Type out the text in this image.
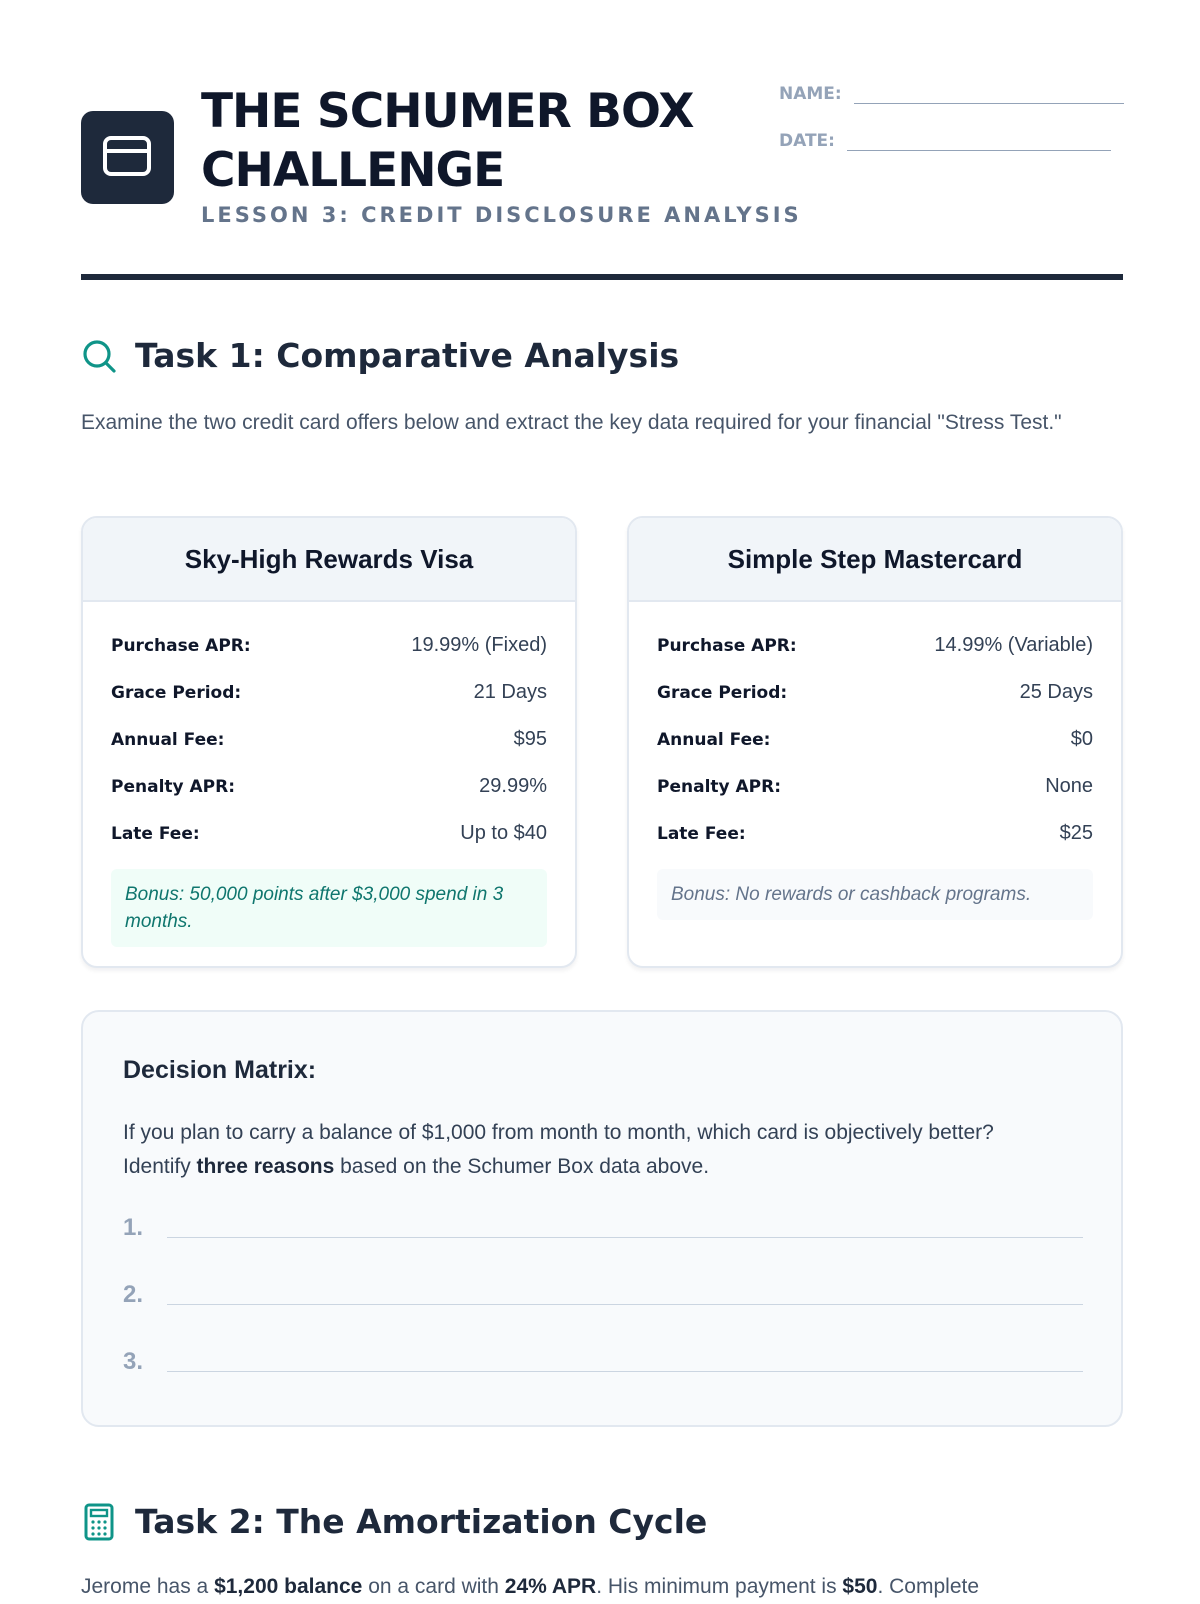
THE SCHUMER BOX CHALLENGE
LESSON 3: CREDIT DISCLOSURE ANALYSIS
NAME:
DATE:
Task 1: Comparative Analysis

Examine the two credit card offers below and extract the key data required for your financial "Stress Test."

Sky-High Rewards Visa
Purchase APR:	19.99% (Fixed)
Grace Period:	21 Days
Annual Fee:	$95
Penalty APR:	29.99%
Late Fee:	Up to $40
Bonus: 50,000 points after $3,000 spend in 3 months.
Simple Step Mastercard
Purchase APR:	14.99% (Variable)
Grace Period:	25 Days
Annual Fee:	$0
Penalty APR:	None
Late Fee:	$25
Bonus: No rewards or cashback programs.
Decision Matrix:

If you plan to carry a balance of $1,000 from month to month, which card is objectively better? Identify three reasons based on the Schumer Box data above.

1.
2.
3.
Task 2: The Amortization Cycle

Jerome has a $1,200 balance on a card with 24% APR. His minimum payment is $50. Complete
